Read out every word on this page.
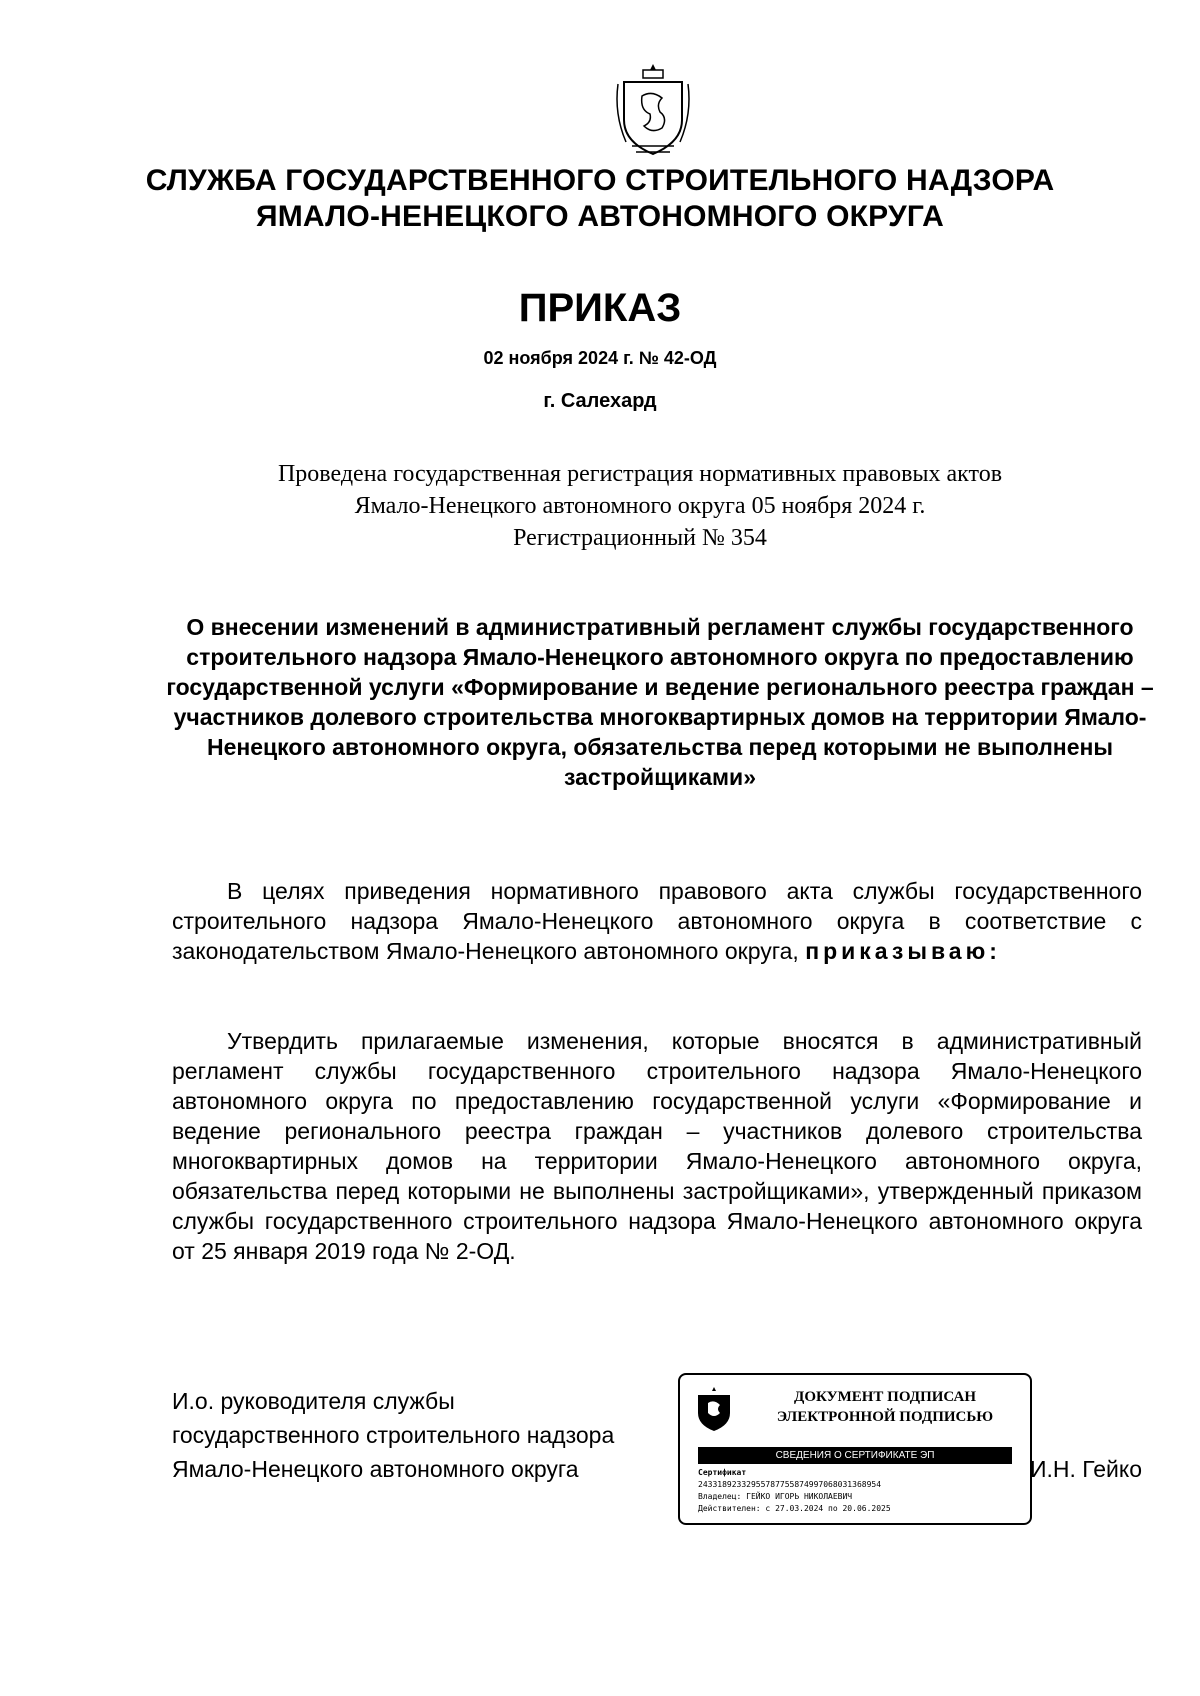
СЛУЖБА ГОСУДАРСТВЕННОГО СТРОИТЕЛЬНОГО НАДЗОРА
ЯМАЛО-НЕНЕЦКОГО АВТОНОМНОГО ОКРУГА
ПРИКАЗ
02 ноября 2024 г. № 42-ОД
г. Салехард
Проведена государственная регистрация нормативных правовых актов
Ямало-Ненецкого автономного округа 05 ноября 2024 г.
Регистрационный № 354
О внесении изменений в административный регламент службы государственного строительного надзора Ямало-Ненецкого автономного округа по предоставлению государственной услуги «Формирование и ведение регионального реестра граждан – участников долевого строительства многоквартирных домов на территории Ямало-Ненецкого автономного округа, обязательства перед которыми не выполнены застройщиками»
В целях приведения нормативного правового акта службы государственного строительного надзора Ямало-Ненецкого автономного округа в соответствие с законодательством Ямало-Ненецкого автономного округа, приказываю:
Утвердить прилагаемые изменения, которые вносятся в административный регламент службы государственного строительного надзора Ямало-Ненецкого автономного округа по предоставлению государственной услуги «Формирование и ведение регионального реестра граждан – участников долевого строительства многоквартирных домов на территории Ямало-Ненецкого автономного округа, обязательства перед которыми не выполнены застройщиками», утвержденный приказом службы государственного строительного надзора Ямало-Ненецкого автономного округа от 25 января 2019 года № 2-ОД.
И.о. руководителя службы
государственного строительного надзора
Ямало-Ненецкого автономного округа
ДОКУМЕНТ ПОДПИСАН
ЭЛЕКТРОННОЙ ПОДПИСЬЮ
СВЕДЕНИЯ О СЕРТИФИКАТЕ ЭП
Сертификат
24331892332955787755874997068031368954
Владелец: ГЕЙКО ИГОРЬ НИКОЛАЕВИЧ
Действителен: с 27.03.2024 по 20.06.2025
И.Н. Гейко
